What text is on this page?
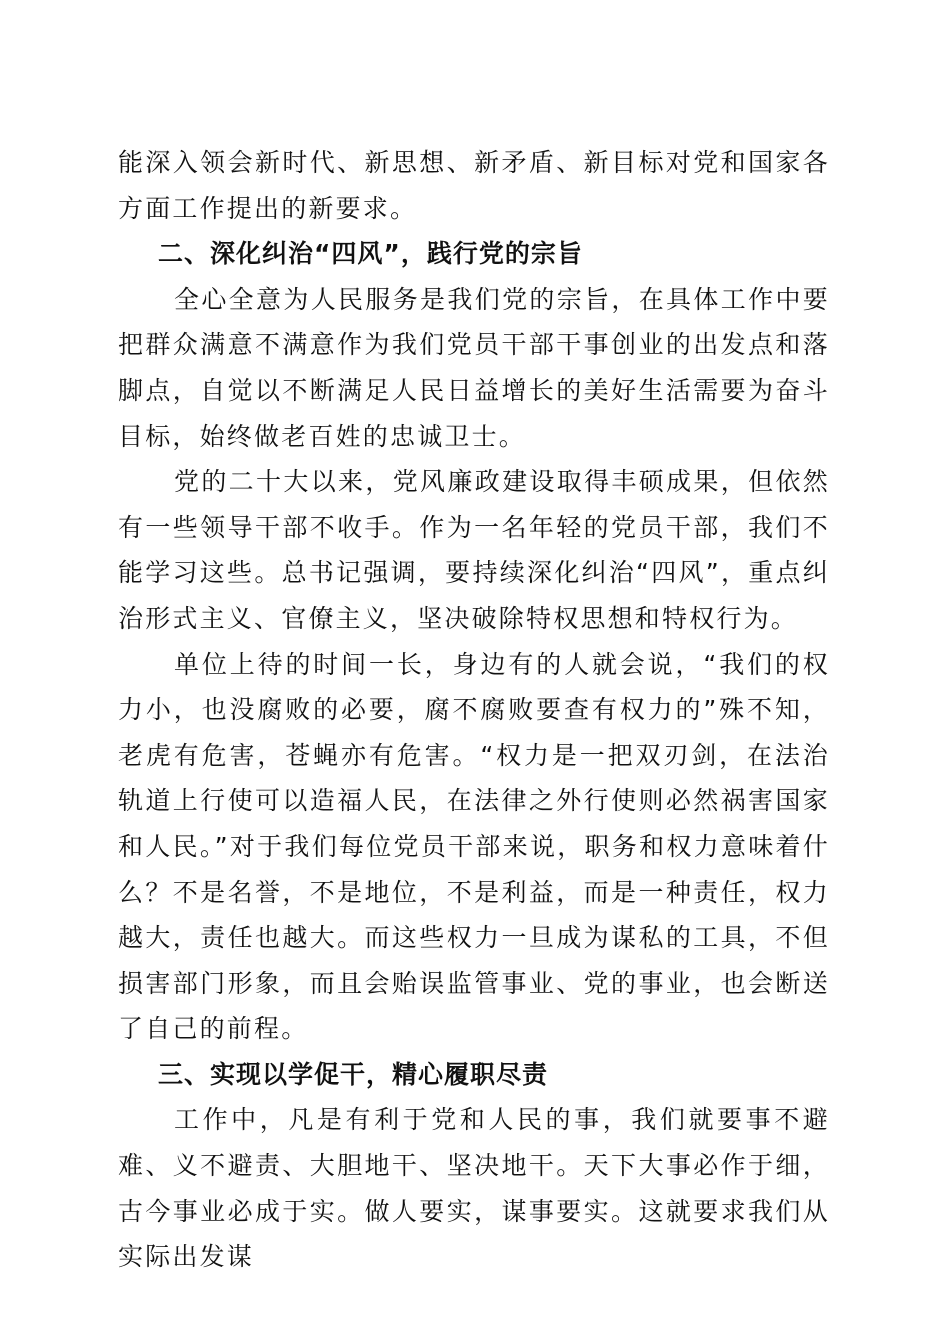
能深入领会新时代、新思想、新矛盾、新目标对党和国家各方面工作提出的新要求。

二、深化纠治“四风”，践行党的宗旨

全心全意为人民服务是我们党的宗旨，在具体工作中要把群众满意不满意作为我们党员干部干事创业的出发点和落脚点，自觉以不断满足人民日益增长的美好生活需要为奋斗目标，始终做老百姓的忠诚卫士。

党的二十大以来，党风廉政建设取得丰硕成果，但依然有一些领导干部不收手。作为一名年轻的党员干部，我们不能学习这些。总书记强调，要持续深化纠治“四风”，重点纠治形式主义、官僚主义，坚决破除特权思想和特权行为。

单位上待的时间一长，身边有的人就会说，“我们的权力小，也没腐败的必要，腐不腐败要查有权力的”殊不知，老虎有危害，苍蝇亦有危害。“权力是一把双刃剑，在法治轨道上行使可以造福人民，在法律之外行使则必然祸害国家和人民。”对于我们每位党员干部来说，职务和权力意味着什么？不是名誉，不是地位，不是利益，而是一种责任，权力越大，责任也越大。而这些权力一旦成为谋私的工具，不但损害部门形象，而且会贻误监管事业、党的事业，也会断送了自己的前程。

三、实现以学促干，精心履职尽责

工作中，凡是有利于党和人民的事，我们就要事不避难、义不避责、大胆地干、坚决地干。天下大事必作于细，古今事业必成于实。做人要实，谋事要实。这就要求我们从实际出发谋
